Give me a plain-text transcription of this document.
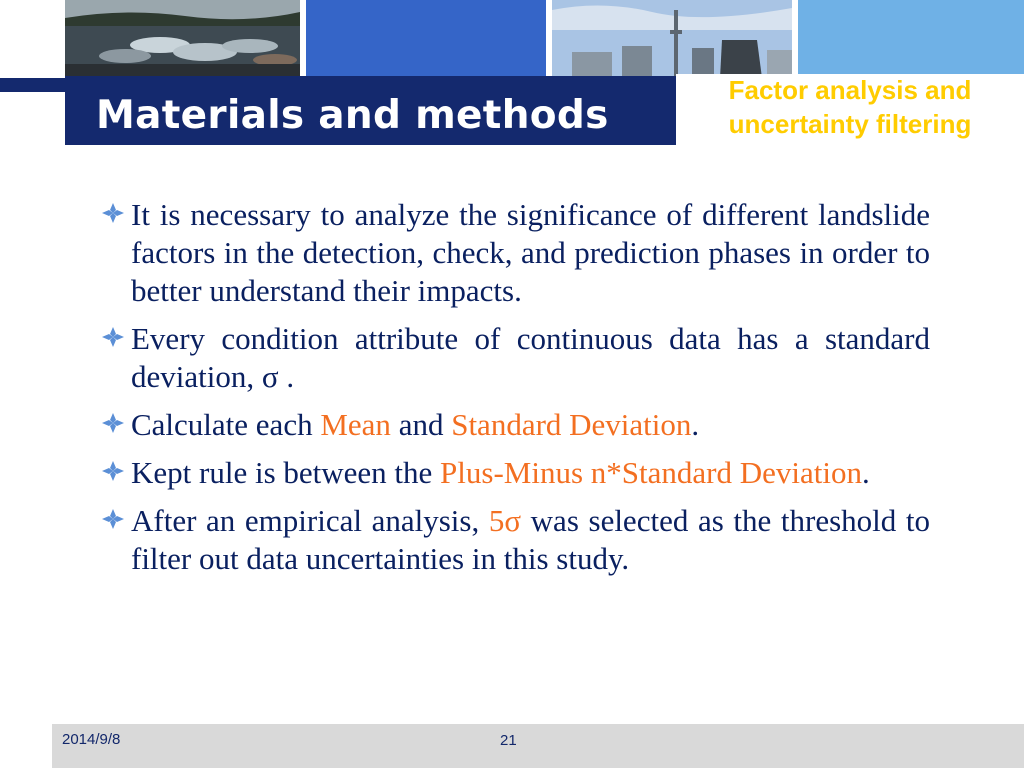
Materials and methods
Factor analysis and
uncertainty filtering
It is necessary to analyze the significance of different landslide factors in the detection, check, and prediction phases in order to better understand their impacts.
Every condition attribute of continuous data has a standard deviation, σ .
Calculate each Mean and Standard Deviation.
Kept rule is between the Plus-Minus n*Standard Deviation.
After an empirical analysis, 5σ was selected as the threshold to filter out data uncertainties in this study.
2014/9/8	21
